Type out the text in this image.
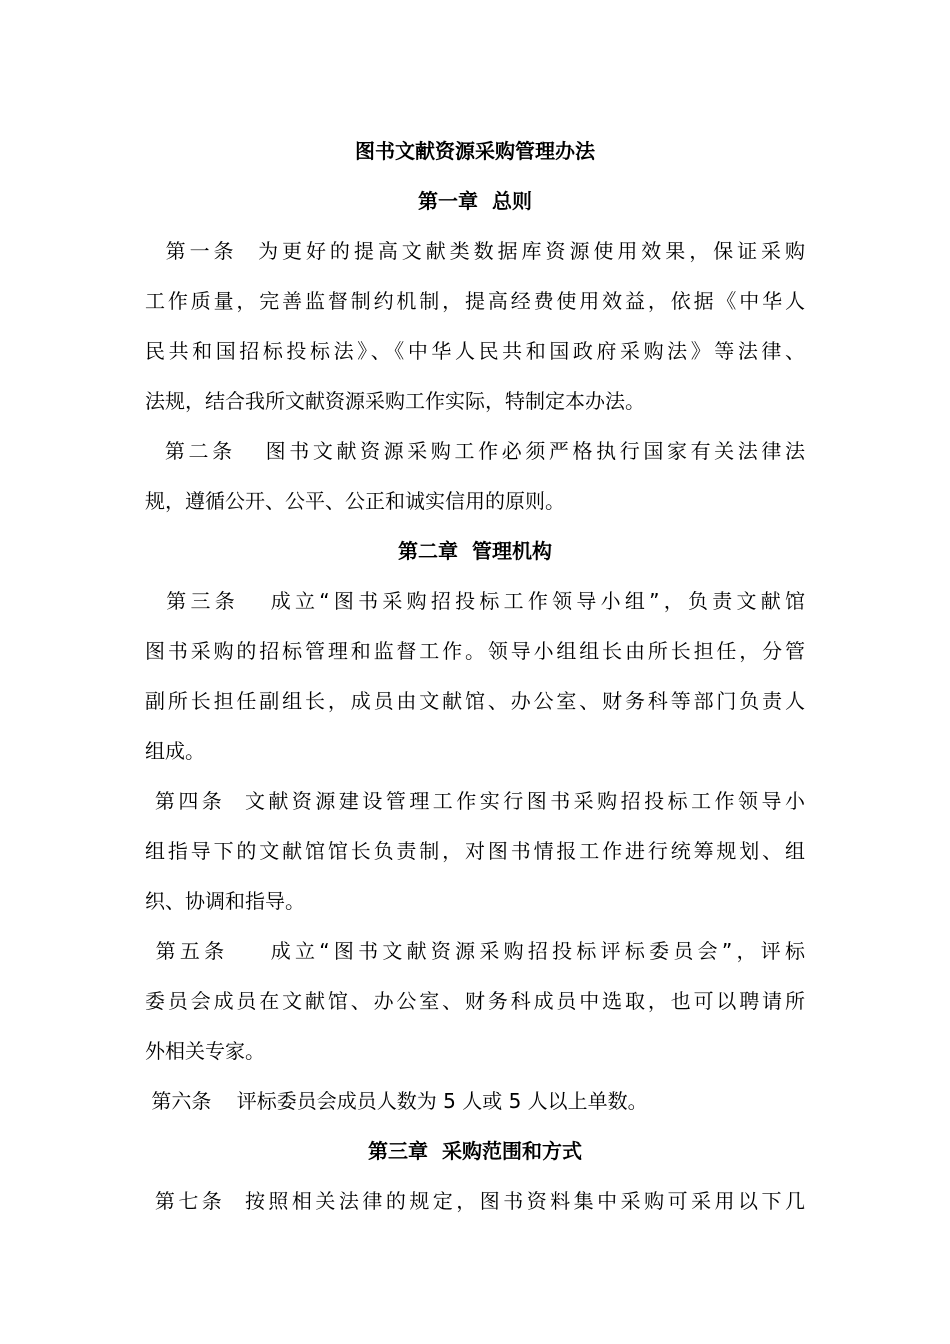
图书文献资源采购管理办法
第一章  总则
第一条  为更好的提高文献类数据库资源使用效果，保证采购
工作质量，完善监督制约机制，提高经费使用效益，依据《中华人
民共和国招标投标法》、《中华人民共和国政府采购法》等法律、
法规，结合我所文献资源采购工作实际，特制定本办法。
第二条   图书文献资源采购工作必须严格执行国家有关法律法
规，遵循公开、公平、公正和诚实信用的原则。
第二章  管理机构
第三条   成立“图书采购招投标工作领导小组”，负责文献馆
图书采购的招标管理和监督工作。领导小组组长由所长担任，分管
副所长担任副组长，成员由文献馆、办公室、财务科等部门负责人
组成。
第四条  文献资源建设管理工作实行图书采购招投标工作领导小
组指导下的文献馆馆长负责制，对图书情报工作进行统筹规划、组
织、协调和指导。
第五条    成立“图书文献资源采购招投标评标委员会”，评标
委员会成员在文献馆、办公室、财务科成员中选取，也可以聘请所
外相关专家。
第六条    评标委员会成员人数为 5 人或 5 人以上单数。
第三章  采购范围和方式
第七条  按照相关法律的规定，图书资料集中采购可采用以下几
